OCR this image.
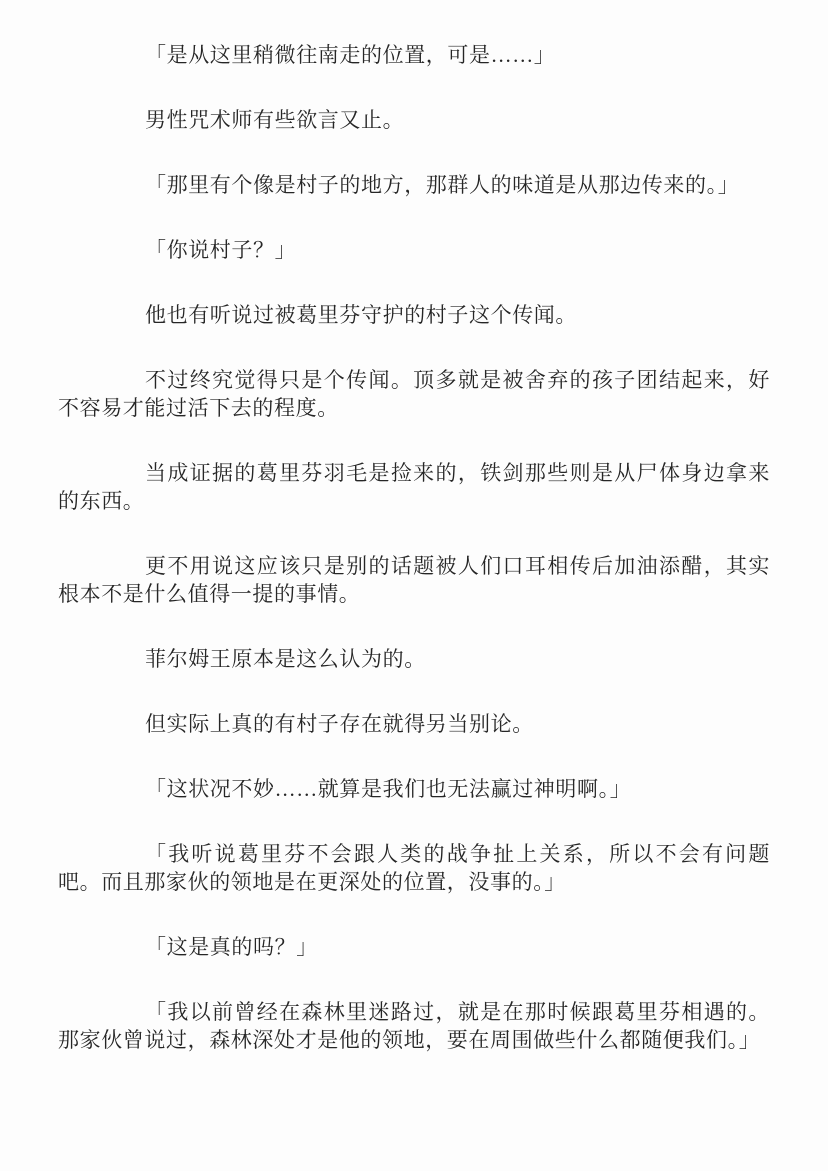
「是从这里稍微往南走的位置，可是……」

男性咒术师有些欲言又止。

「那里有个像是村子的地方，那群人的味道是从那边传来的。」

「你说村子？」

他也有听说过被葛里芬守护的村子这个传闻。

不过终究觉得只是个传闻。顶多就是被舍弃的孩子团结起来，好不容易才能过活下去的程度。

当成证据的葛里芬羽毛是捡来的，铁剑那些则是从尸体身边拿来的东西。

更不用说这应该只是别的话题被人们口耳相传后加油添醋，其实根本不是什么值得一提的事情。

菲尔姆王原本是这么认为的。

但实际上真的有村子存在就得另当别论。

「这状况不妙……就算是我们也无法赢过神明啊。」

「我听说葛里芬不会跟人类的战争扯上关系，所以不会有问题吧。而且那家伙的领地是在更深处的位置，没事的。」

「这是真的吗？」

「我以前曾经在森林里迷路过，就是在那时候跟葛里芬相遇的。那家伙曾说过，森林深处才是他的领地，要在周围做些什么都随便我们。」
